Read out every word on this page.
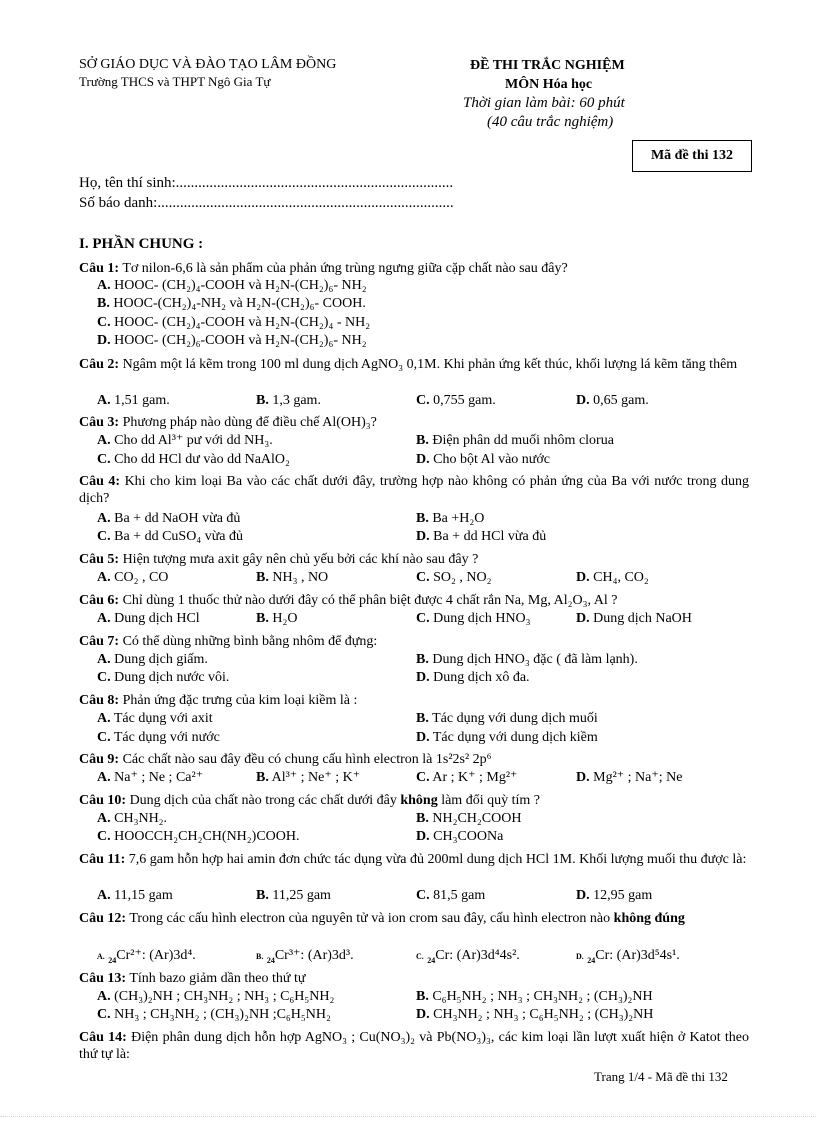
SỞ GIÁO DỤC VÀ ĐÀO TẠO LÂM ĐỒNG
Trường THCS và THPT Ngô Gia Tự
ĐỀ THI TRẮC NGHIỆM
MÔN Hóa học
Thời gian làm bài: 60 phút
(40 câu trắc nghiệm)
Mã đề thi 132
Họ, tên thí sinh:..........................................................................
Số báo danh:...............................................................................
I. PHẦN CHUNG :
Câu 1: Tơ nilon-6,6 là sản phẩm của phản ứng trùng ngưng giữa cặp chất nào sau đây?
A. HOOC- (CH₂)₄-COOH và H₂N-(CH₂)₆- NH₂
B. HOOC-(CH₂)₄-NH₂ và H₂N-(CH₂)₆- COOH.
C. HOOC- (CH₂)₄-COOH và H₂N-(CH₂)₄ - NH₂
D. HOOC- (CH₂)₆-COOH và H₂N-(CH₂)₆- NH₂
Câu 2: Ngâm một lá kẽm trong 100 ml dung dịch AgNO₃ 0,1M. Khi phản ứng kết thúc, khối lượng lá kẽm tăng thêm
A. 1,51 gam.	B. 1,3 gam.	C. 0,755 gam.	D. 0,65 gam.
Câu 3: Phương pháp nào dùng để điều chế Al(OH)₃?
A. Cho dd Al³⁺ pư với dd NH₃.	B. Điện phân dd muối nhôm clorua
C. Cho dd HCl dư vào dd NaAlO₂	D. Cho bột Al vào nước
Câu 4: Khi cho kim loại Ba vào các chất dưới đây, trường hợp nào không có phản ứng của Ba với nước trong dung dịch?
A. Ba + dd NaOH vừa đủ	B. Ba +H₂O
C. Ba + dd CuSO₄ vừa đủ	D. Ba + dd HCl vừa đủ
Câu 5: Hiện tượng mưa axit gây nên chủ yếu bởi các khí nào sau đây ?
A. CO₂ , CO	B. NH₃ , NO	C. SO₂ , NO₂	D. CH₄, CO₂
Câu 6: Chỉ dùng 1 thuốc thử nào dưới đây có thể phân biệt được 4 chất rắn Na, Mg, Al₂O₃, Al ?
A. Dung dịch HCl	B. H₂O	C. Dung dịch HNO₃	D. Dung dịch NaOH
Câu 7: Có thể dùng những bình bằng nhôm để đựng:
A. Dung dịch giấm.	B. Dung dịch HNO₃ đặc ( đã làm lạnh).
C. Dung dịch nước vôi.	D. Dung dịch xô đa.
Câu 8: Phản ứng đặc trưng của kim loại kiềm là :
A. Tác dụng với axit	B. Tác dụng với dung dịch muối
C. Tác dụng với nước	D. Tác dụng với dung dịch kiềm
Câu 9: Các chất nào sau đây đều có chung cấu hình electron là 1s²2s² 2p⁶
A. Na⁺ ; Ne ; Ca²⁺	B. Al³⁺ ; Ne⁺ ; K⁺	C. Ar ; K⁺ ; Mg²⁺	D. Mg²⁺ ; Na⁺; Ne
Câu 10: Dung dịch của chất nào trong các chất dưới đây không làm đổi quỳ tím ?
A. CH₃NH₂.	B. NH₂CH₂COOH
C. HOOCCH₂CH₂CH(NH₂)COOH.	D. CH₃COONa
Câu 11: 7,6 gam hỗn hợp hai amin đơn chức tác dụng vừa đủ 200ml dung dịch HCl 1M. Khối lượng muối thu được là:
A. 11,15 gam	B. 11,25 gam	C. 81,5 gam	D. 12,95 gam
Câu 12: Trong các cấu hình electron của nguyên tử và ion crom sau đây, cấu hình electron nào không đúng
A. $_{24}$Cr²⁺: (Ar)3d⁴.	B. $_{24}$Cr³⁺: (Ar)3d³.	C. $_{24}$Cr: (Ar)3d⁴4s².	D. $_{24}$Cr: (Ar)3d⁵4s¹.
Câu 13: Tính bazo giảm dần theo thứ tự
A. (CH₃)₂NH ; CH₃NH₂ ; NH₃ ; C₆H₅NH₂	B. C₆H₅NH₂ ; NH₃ ; CH₃NH₂ ; (CH₃)₂NH
C. NH₃ ; CH₃NH₂ ; (CH₃)₂NH ;C₆H₅NH₂	D. CH₃NH₂ ; NH₃ ; C₆H₅NH₂ ; (CH₃)₂NH
Câu 14: Điện phân dung dịch hỗn hợp AgNO₃ ; Cu(NO₃)₂ và Pb(NO₃)₃, các kim loại lần lượt xuất hiện ở Katot theo thứ tự là:
Trang 1/4 - Mã đề thi 132
